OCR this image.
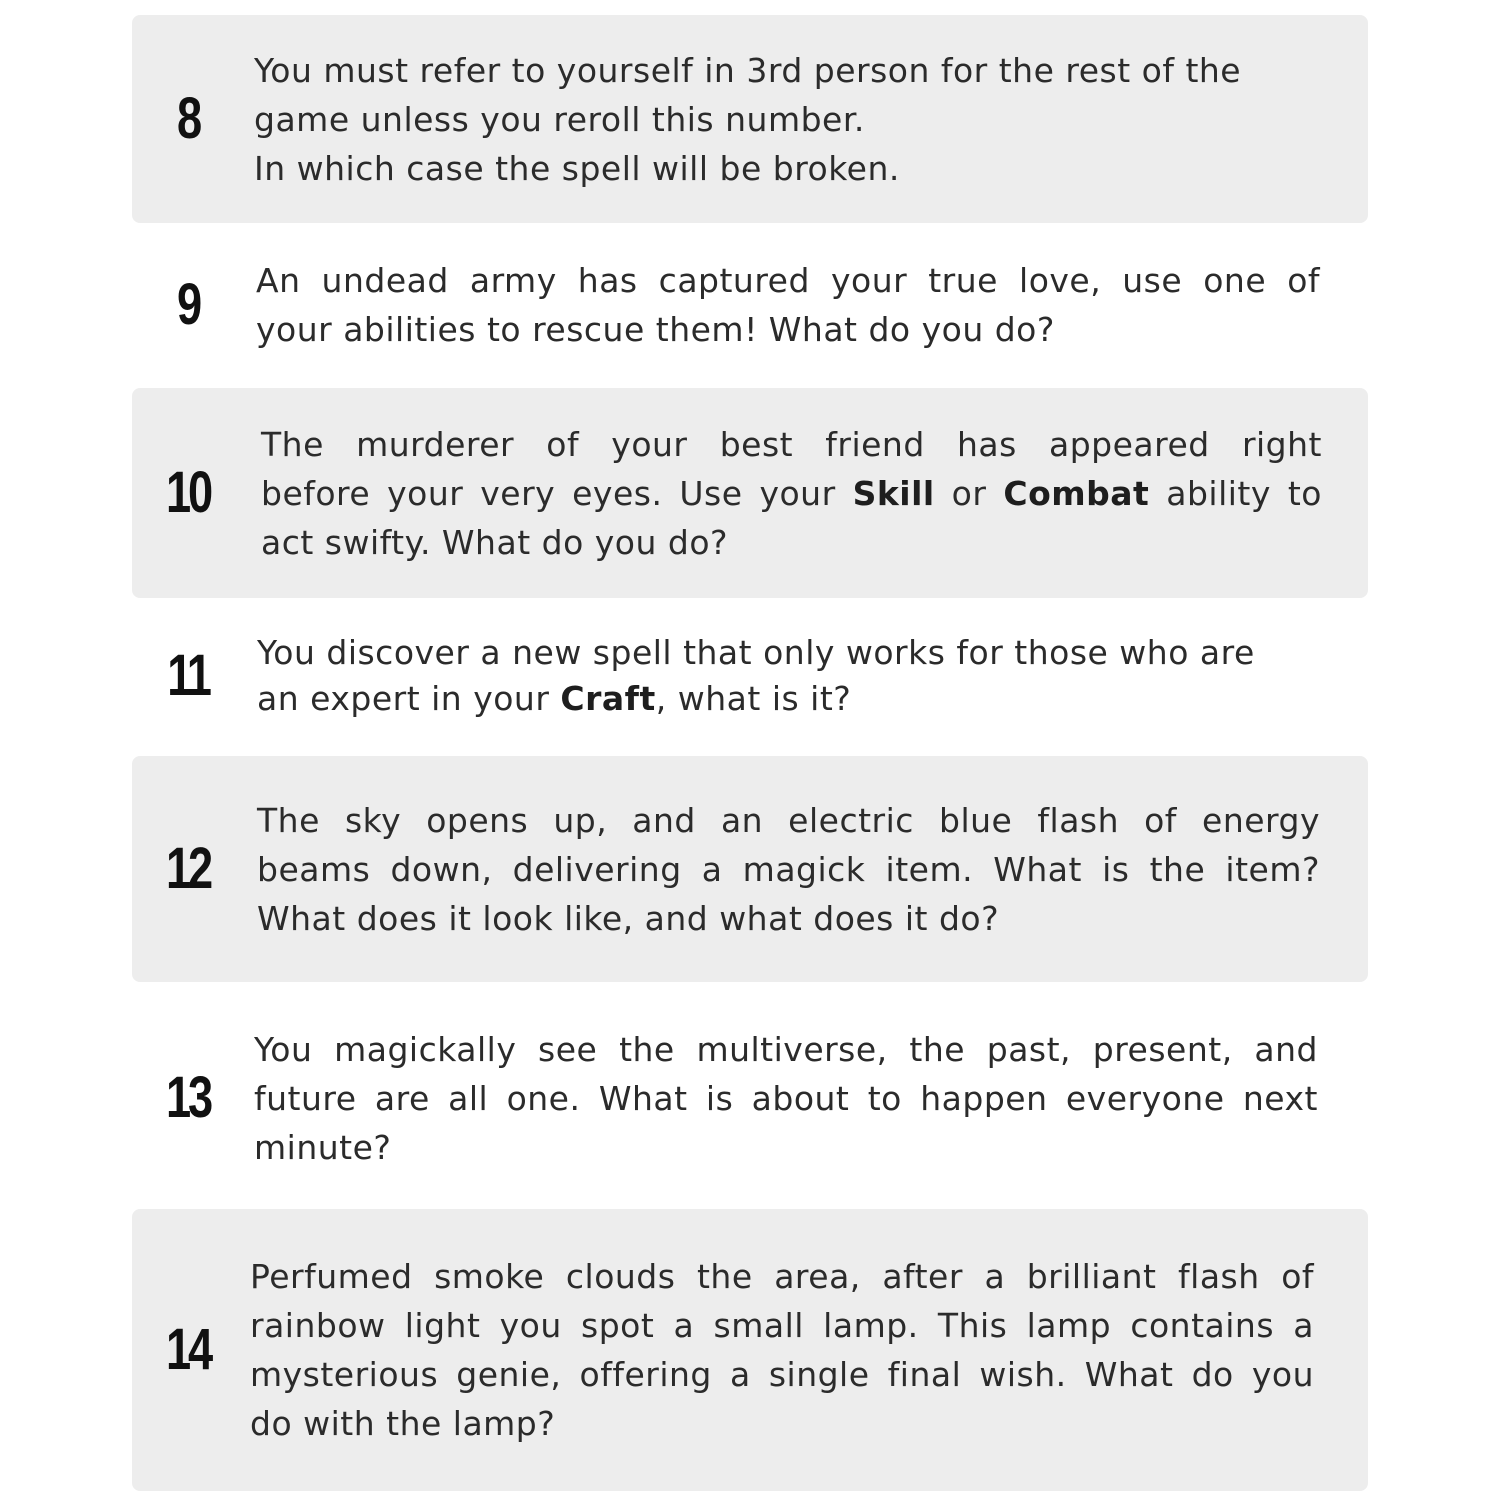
8
You must refer to yourself in 3rd person for the rest of the
game unless you reroll this number.
In which case the spell will be broken.
9	An undead army has captured your true love, use one of
your abilities to rescue them! What do you do?
10
The murderer of your best friend has appeared right
before your very eyes. Use your Skill or Combat ability to
act swifty. What do you do?
11	You discover a new spell that only works for those who are
an expert in your Craft, what is it?
12
The sky opens up, and an electric blue flash of energy
beams down, delivering a magick item. What is the item?
What does it look like, and what does it do?
13
You magickally see the multiverse, the past, present, and
future are all one. What is about to happen everyone next
minute?
14
Perfumed smoke clouds the area, after a brilliant flash of
rainbow light you spot a small lamp. This lamp contains a
mysterious genie, offering a single final wish. What do you
do with the lamp?
